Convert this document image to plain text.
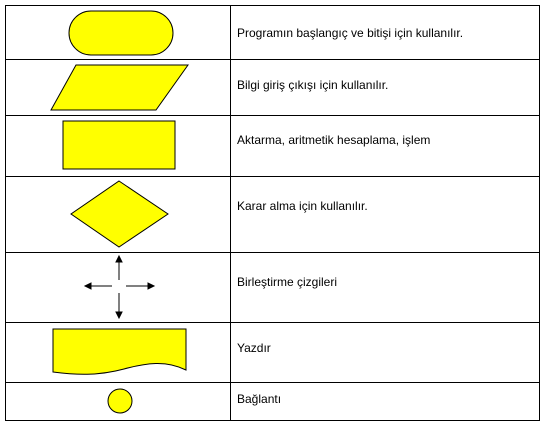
Programın başlangıç ve bitişi için kullanılır.

Bilgi giriş çıkışı için kullanılır.

Aktarma, aritmetik hesaplama, işlem

Karar alma için kullanılır.

Birleştirme çizgileri

Yazdır

Bağlantı
